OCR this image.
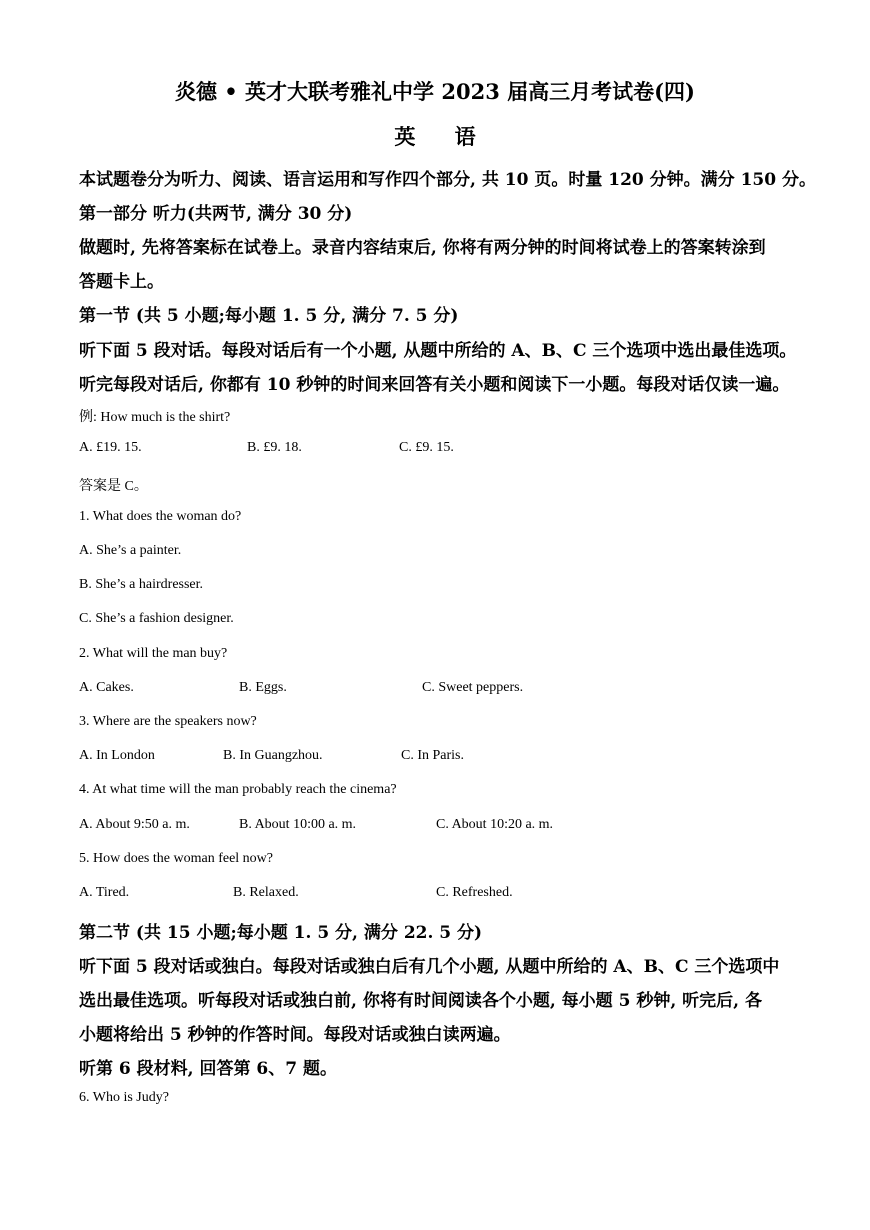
炎德 • 英才大联考雅礼中学 2023 届高三月考试卷(四)
英 语
本试题卷分为听力、阅读、语言运用和写作四个部分, 共 10 页。时量 120 分钟。满分 150 分。
第一部分 听力(共两节, 满分 30 分)
做题时, 先将答案标在试卷上。录音内容结束后, 你将有两分钟的时间将试卷上的答案转涂到
答题卡上。
第一节 (共 5 小题;每小题 1. 5 分, 满分 7. 5 分)
听下面 5 段对话。每段对话后有一个小题, 从题中所给的 A、B、C 三个选项中选出最佳选项。
听完每段对话后, 你都有 10 秒钟的时间来回答有关小题和阅读下一小题。每段对话仅读一遍。
例: How much is the shirt?
A. £19. 15.	B. £9. 18.	C. £9. 15.
答案是 C。
1. What does the woman do?
A. She’s a painter.
B. She’s a hairdresser.
C. She’s a fashion designer.
2. What will the man buy?
A. Cakes.	B. Eggs.	C. Sweet peppers.
3. Where are the speakers now?
A. In London	B. In Guangzhou.	C. In Paris.
4. At what time will the man probably reach the cinema?
A. About 9:50 a. m.	B. About 10:00 a. m.	C. About 10:20 a. m.
5. How does the woman feel now?
A. Tired.	B. Relaxed.	C. Refreshed.
第二节 (共 15 小题;每小题 1. 5 分, 满分 22. 5 分)
听下面 5 段对话或独白。每段对话或独白后有几个小题, 从题中所给的 A、B、C 三个选项中
选出最佳选项。听每段对话或独白前, 你将有时间阅读各个小题, 每小题 5 秒钟, 听完后, 各
小题将给出 5 秒钟的作答时间。每段对话或独白读两遍。
听第 6 段材料, 回答第 6、7 题。
6. Who is Judy?
